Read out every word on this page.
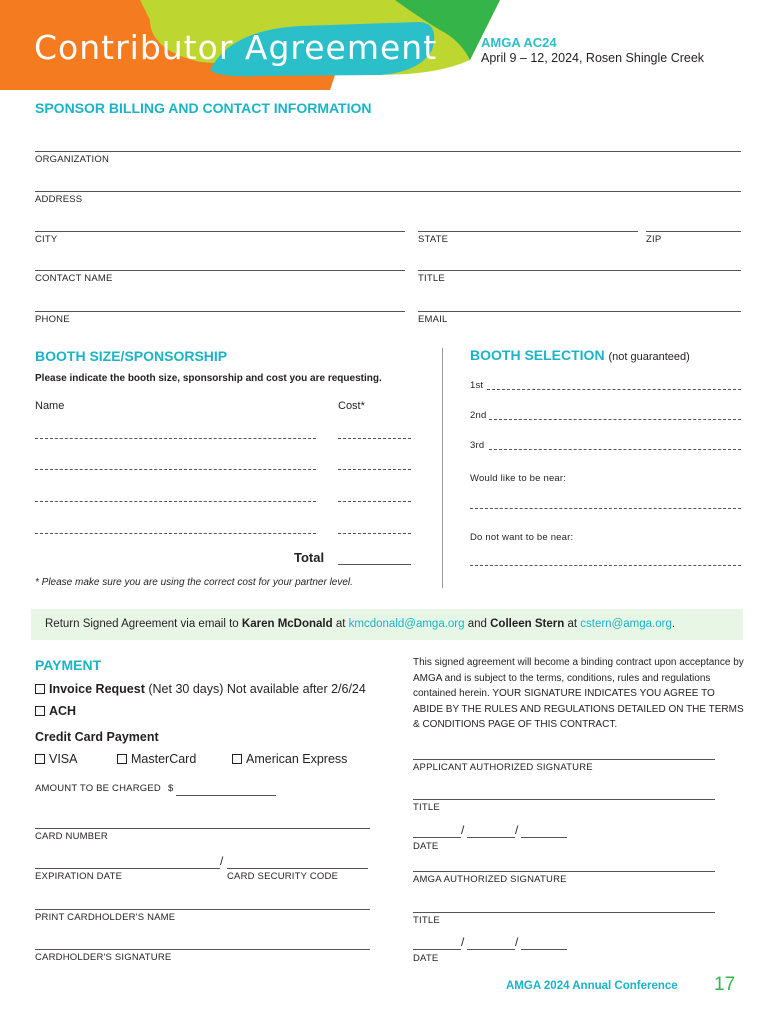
Contributor Agreement	AMGA AC24
April 9 – 12, 2024, Rosen Shingle Creek
SPONSOR BILLING AND CONTACT INFORMATION
ORGANIZATION
ADDRESS
CITY	STATE	ZIP
CONTACT NAME	TITLE
PHONE	EMAIL
BOOTH SIZE/SPONSORSHIP
Please indicate the booth size, sponsorship and cost you are requesting.
Name	Cost*
Total
* Please make sure you are using the correct cost for your partner level.
BOOTH SELECTION (not guaranteed)
1st
2nd
3rd
Would like to be near:
Do not want to be near:
Return Signed Agreement via email to Karen McDonald at kmcdonald@amga.org and Colleen Stern at cstern@amga.org.
PAYMENT
Invoice Request (Net 30 days) Not available after 2/6/24
ACH
Credit Card Payment
VISA	MasterCard	American Express
AMOUNT TO BE CHARGED $
CARD NUMBER
/
EXPIRATION DATE	CARD SECURITY CODE
PRINT CARDHOLDER'S NAME
CARDHOLDER'S SIGNATURE
This signed agreement will become a binding contract upon acceptance by AMGA and is subject to the terms, conditions, rules and regulations contained herein. YOUR SIGNATURE INDICATES YOU AGREE TO ABIDE BY THE RULES AND REGULATIONS DETAILED ON THE TERMS & CONDITIONS PAGE OF THIS CONTRACT.
APPLICANT AUTHORIZED SIGNATURE
TITLE
/	/
DATE
AMGA AUTHORIZED SIGNATURE
TITLE
/	/
DATE
AMGA 2024 Annual Conference 17
